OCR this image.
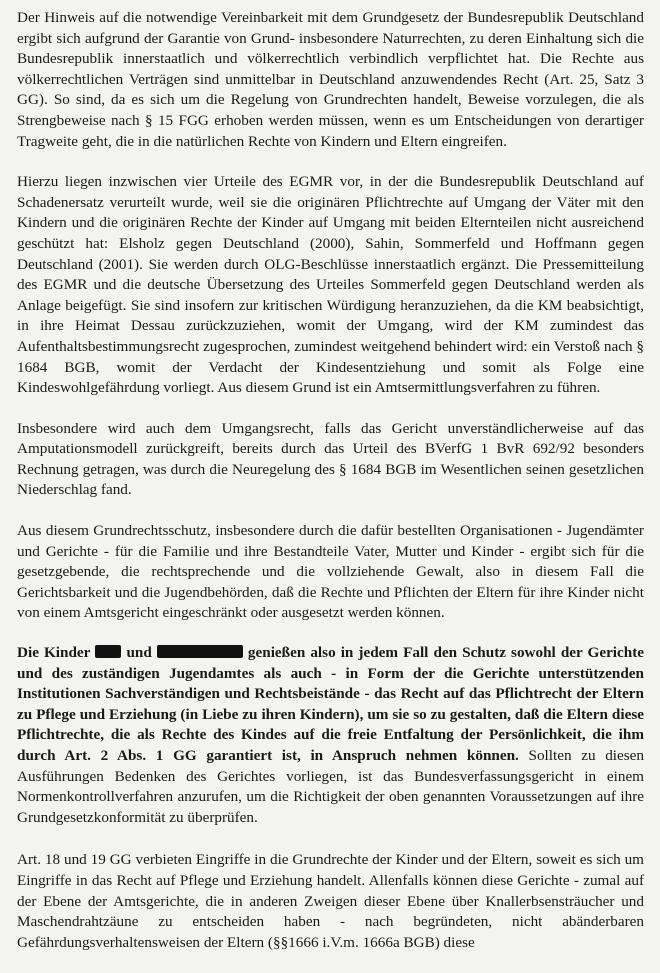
Der Hinweis auf die notwendige Vereinbarkeit mit dem Grundgesetz der Bundesrepublik Deutschland ergibt sich aufgrund der Garantie von Grund- insbesondere Naturrechten, zu deren Einhaltung sich die Bundesrepublik innerstaatlich und völkerrechtlich verbindlich verpflichtet hat. Die Rechte aus völkerrechtlichen Verträgen sind unmittelbar in Deutschland anzuwendendes Recht (Art. 25, Satz 3 GG). So sind, da es sich um die Regelung von Grundrechten handelt, Beweise vorzulegen, die als Strengbeweise nach § 15 FGG erhoben werden müssen, wenn es um Entscheidungen von derartiger Tragweite geht, die in die natürlichen Rechte von Kindern und Eltern eingreifen.

Hierzu liegen inzwischen vier Urteile des EGMR vor, in der die Bundesrepublik Deutschland auf Schadenersatz verurteilt wurde, weil sie die originären Pflichtrechte auf Umgang der Väter mit den Kindern und die originären Rechte der Kinder auf Umgang mit beiden Elternteilen nicht ausreichend geschützt hat: Elsholz gegen Deutschland (2000), Sahin, Sommerfeld und Hoffmann gegen Deutschland (2001). Sie werden durch OLG-Beschlüsse innerstaatlich ergänzt. Die Pressemitteilung des EGMR und die deutsche Übersetzung des Urteiles Sommerfeld gegen Deutschland werden als Anlage beigefügt. Sie sind insofern zur kritischen Würdigung heranzuziehen, da die KM beabsichtigt, in ihre Heimat Dessau zurückzuziehen, womit der Umgang, wird der KM zumindest das Aufenthaltsbestimmungsrecht zugesprochen, zumindest weitgehend behindert wird: ein Verstoß nach § 1684 BGB, womit der Verdacht der Kindesentziehung und somit als Folge eine Kindeswohlgefährdung vorliegt. Aus diesem Grund ist ein Amtsermittlungsverfahren zu führen.

Insbesondere wird auch dem Umgangsrecht, falls das Gericht unverständlicherweise auf das Amputationsmodell zurückgreift, bereits durch das Urteil des BVerfG 1 BvR 692/92 besonders Rechnung getragen, was durch die Neuregelung des § 1684 BGB im Wesentlichen seinen gesetzlichen Niederschlag fand.

Aus diesem Grundrechtsschutz, insbesondere durch die dafür bestellten Organisationen - Jugendämter und Gerichte - für die Familie und ihre Bestandteile Vater, Mutter und Kinder - ergibt sich für die gesetzgebende, die rechtsprechende und die vollziehende Gewalt, also in diesem Fall die Gerichtsbarkeit und die Jugendbehörden, daß die Rechte und Pflichten der Eltern für ihre Kinder nicht von einem Amtsgericht eingeschränkt oder ausgesetzt werden können.

Die Kinder und	genießen also in jedem Fall den Schutz sowohl der Gerichte und des zuständigen Jugendamtes als auch - in Form der die Gerichte unterstützenden Institutionen Sachverständigen und Rechtsbeistände - das Recht auf das Pflichtrecht der Eltern zu Pflege und Erziehung (in Liebe zu ihren Kindern), um sie so zu gestalten, daß die Eltern diese Pflichtrechte, die als Rechte des Kindes auf die freie Entfaltung der Persönlichkeit, die ihm durch Art. 2 Abs. 1 GG garantiert ist, in Anspruch nehmen können. Sollten zu diesen Ausführungen Bedenken des Gerichtes vorliegen, ist das Bundesverfassungsgericht in einem Normenkontrollverfahren anzurufen, um die Richtigkeit der oben genannten Voraussetzungen auf ihre Grundgesetzkonformität zu überprüfen.

Art. 18 und 19 GG verbieten Eingriffe in die Grundrechte der Kinder und der Eltern, soweit es sich um Eingriffe in das Recht auf Pflege und Erziehung handelt. Allenfalls können diese Gerichte - zumal auf der Ebene der Amtsgerichte, die in anderen Zweigen dieser Ebene über Knallerbsensträucher und Maschendrahtzäune zu entscheiden haben - nach begründeten, nicht abänderbaren Gefährdungsverhaltensweisen der Eltern (§§1666 i.V.m. 1666a BGB) diese
